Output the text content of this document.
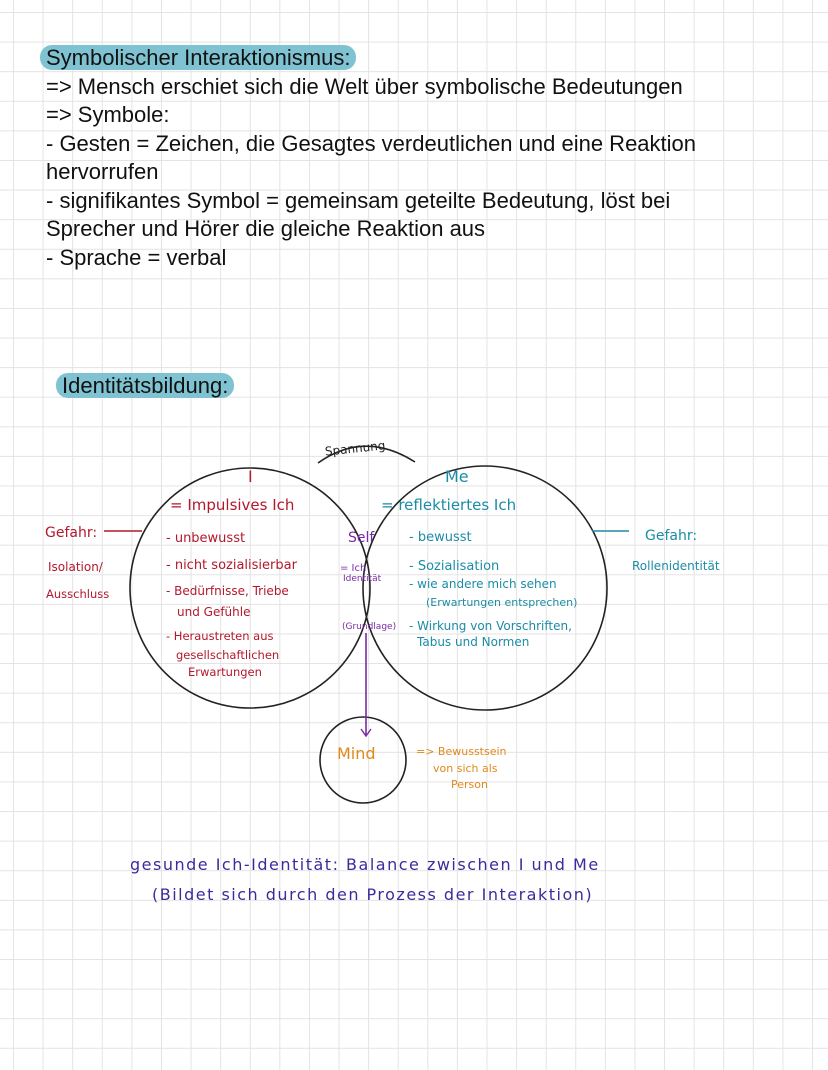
Symbolischer Interaktionismus:
=> Mensch erschiet sich die Welt über symbolische Bedeutungen
=> Symbole:
- Gesten = Zeichen, die Gesagtes verdeutlichen und eine Reaktion
hervorrufen
- signifikantes Symbol = gemeinsam geteilte Bedeutung, löst bei
Sprecher und Hörer die gleiche Reaktion aus
- Sprache = verbal
Identitätsbildung:
Spannung
I
= Impulsives Ich
- unbewusst
- nicht sozialisierbar
- Bedürfnisse, Triebe
und Gefühle
- Heraustreten aus
gesellschaftlichen
Erwartungen
Gefahr:
Isolation/
Ausschluss
Me
= reflektiertes Ich
- bewusst
- Sozialisation
- wie andere mich sehen
(Erwartungen entsprechen)
- Wirkung von Vorschriften,
Tabus und Normen
Gefahr:
Rollenidentität
Self
= Ich
Identität
(Grundlage)
Mind	=> Bewusstsein
von sich als
Person
gesunde Ich-Identität: Balance zwischen I und Me
(Bildet sich durch den Prozess der Interaktion)
